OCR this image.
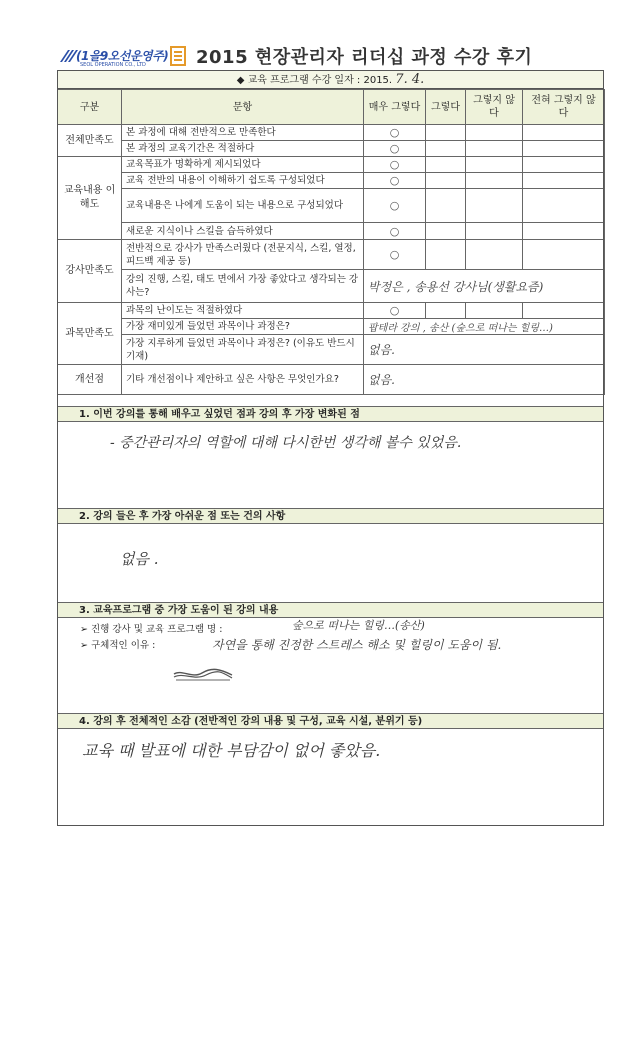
(1을9오선운영주)
SEOL OPERATION CO., LTD	2015 현장관리자 리더십 과정 수강 후기
◆ 교육 프로그램 수강 일자 : 2015. 7. 4.
구분	문항	매우 그렇다	그렇다	그렇지 않다	전혀 그렇지 않다
전체만족도	본 과정에 대해 전반적으로 만족한다	○			
	본 과정의 교육기간은 적절하다	○			
교육내용 이해도	교육목표가 명확하게 제시되었다	○			
	교육 전반의 내용이 이해하기 쉽도록 구성되었다	○			
	교육내용은 나에게 도움이 되는 내용으로 구성되었다	○			
	새로운 지식이나 스킬을 습득하였다	○			
강사만족도	전반적으로 강사가 만족스러웠다 (전문지식, 스킬, 열정, 피드백 제공 등)	○			
	강의 진행, 스킬, 태도 면에서 가장 좋았다고 생각되는 강사는?	박정은 , 송용선 강사님(생활요즘)			
과목만족도	과목의 난이도는 적절하였다	○			
	가장 재미있게 들었던 과목이나 과정은?	팝테라 강의 , 송산 (숲으로 떠나는 힐링…)			
	가장 지루하게 들었던 과목이나 과정은? (이유도 반드시 기재)	없음.			
개선점	기타 개선점이나 제안하고 싶은 사항은 무엇인가요?	없음.			
1. 이번 강의를 통해 배우고 싶었던 점과 강의 후 가장 변화된 점
- 중간관리자의 역할에 대해 다시한번 생각해 볼수 있었음.
2. 강의 들은 후 가장 아쉬운 점 또는 건의 사항
없음 .
3. 교육프로그램 중 가장 도움이 된 강의 내용
➢ 진행 강사 및 교육 프로그램 명 :	숲으로 떠나는 힐링…(송산)
➢ 구체적인 이유 :	자연을 통해 진정한 스트레스 해소 및 힐링이 도움이 됨.
4. 강의 후 전체적인 소감 (전반적인 강의 내용 및 구성, 교육 시설, 분위기 등)
교육 때 발표에 대한 부담감이 없어 좋았음.
